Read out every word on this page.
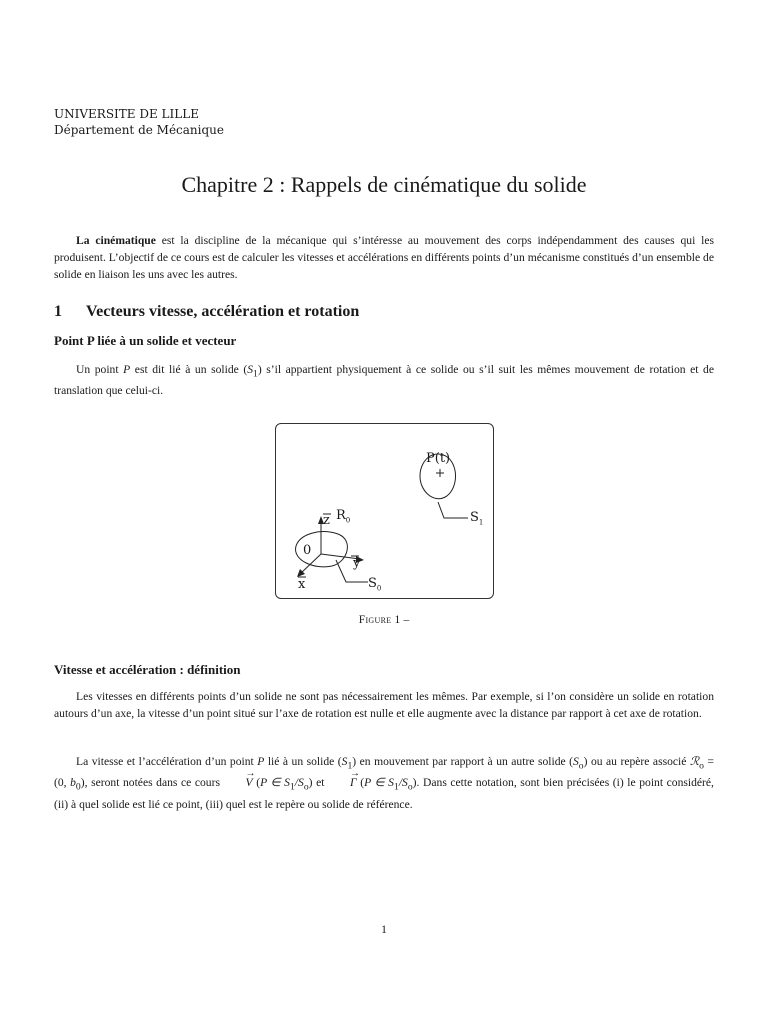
UNIVERSITE DE LILLE
Département de Mécanique
Chapitre 2 : Rappels de cinématique du solide
La cinématique est la discipline de la mécanique qui s’intéresse au mouvement des corps indépendamment des causes qui les produisent. L’objectif de ce cours est de calculer les vitesses et accélérations en différents points d’un mécanisme constitués d’un ensemble de solide en liaison les uns avec les autres.
1 Vecteurs vitesse, accélération et rotation
Point P liée à un solide et vecteur
Un point P est dit lié à un solide $(S_1)$ s’il appartient physiquement à ce solide ou s’il suit les mêmes mouvement de rotation et de translation que celui-ci.
P(t)
$S_1$
z $R_0$
0
y
x	$S_0$
Figure 1 –
Vitesse et accélération : définition
Les vitesses en différents points d’un solide ne sont pas nécessairement les mêmes. Par exemple, si l’on considère un solide en rotation autours d’un axe, la vitesse d’un point situé sur l’axe de rotation est nulle et elle augmente avec la distance par rapport à cet axe de rotation.
La vitesse et l’accélération d’un point P lié à un solide $(S_1)$ en mouvement par rapport à un autre solide $(S_o)$ ou au repère associé ℛ$_o$ = (0, $b_0$), seront notées dans ce cours → V (P ∈ $S_1/S_o$) et → Γ (P ∈ $S_1/S_o$). Dans cette notation, sont bien précisées (i) le point considéré, (ii) à quel solide est lié ce point, (iii) quel est le repère ou solide de référence.
1
